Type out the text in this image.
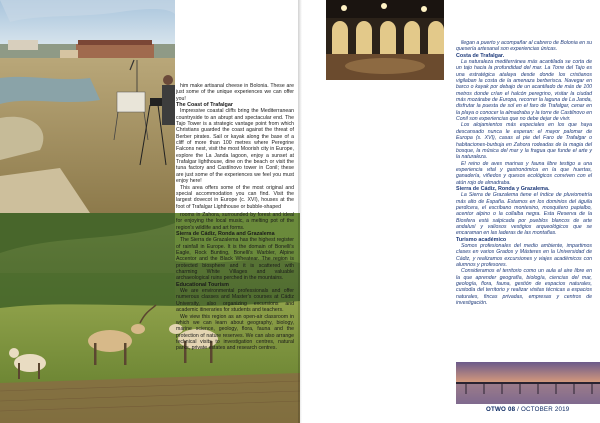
him make artisanal cheese in Bolonia. These are just some of the unique experiences we can offer you!

The Coast of Trafalgar

Impressive coastal cliffs bring the Mediterranean countryside to an abrupt and spectacular end. The Tajo Tower is a strategic vantage point from which Christians guarded the coast against the threat of Berber pirates. Sail or kayak along the base of a cliff of more than 100 metres where Peregrine Falcons nest, visit the most Moorish city in Europe, explore the La Janda lagoon, enjoy a sunset at Trafalgar lighthouse, dine on the beach or visit the tuna factory and Castilnovo tower in Conil; these are just some of the experiences we feel you must enjoy here!

This area offers some of the most original and special accommodation you can find. Visit the largest dovecot in Europe (c. XVI), houses at the foot of Trafalgar Lighthouse or bubble-shaped

rooms in Zahora, surrounded by forest and ideal for enjoying the local music, a melting pot of the region's wildlife and art forms.

Sierra de Cádiz, Ronda and Grazalema

The Sierra de Grazalema has the highest register of rainfall in Europe. It is the domain of Bonelli's Eagle, Rock Bunting, Bonelli's Warbler, Alpine Accentor and the Black Wheatear. The region is protected biosphere and it is scattered with charming White Villages and valuable archaeological ruins perched in the mountains.

Educational Tourism

We are environmental professionals and offer numerous classes and Master's courses at Cádiz University, also organizing excursions and academic itineraries for students and teachers.

We view this region as an open-air classroom in which we can learn about geography, biology, marine science, geology, flora, fauna and the protection of nature reserves. We can also arrange technical visits to investigation centres, natural parks, private estates and research centres.

llegan a puerto y acompañar al cabrero de Bolonia en su quesería artesanal son experiencias únicas.

Costa de Trafalgar.

La naturaleza mediterránea más acantilada se corta de un tajo hacia la profundidad del mar. La Torre del Tajo es una estratégica atalaya desde donde los cristianos vigilaban la costa de la amenaza berberisca. Navegar en barco o kayak por debajo de un acantilado de más de 100 metros donde crían el halcón peregrino, visitar la ciudad más mozárabe de Europa, recorrer la laguna de La Janda, disfrutar la puesta de sol en el faro de Trafalgar, cenar en la playa o conocer la almadraba y la torre de Castilnovo en Conil son experiencias que no debe dejar de vivir.

Los alojamientos más especiales en los que haya descansado nunca le esperan: el mayor palomar de Europa (s. XVI), casas al pie del Faro de Trafalgar o habitaciones-burbuja en Zahora rodeadas de la magia del bosque, la música del mar y la fragua que funde el arte y la naturaleza.

El reino de aves marinas y fauna libre testigo a una experiencia vital y gastronómica en la que huertas, ganadería, viñedos y quesos ecológicos conviven con el atún rojo de almadraba.

Sierra de Cádiz, Ronda y Grazalema.

La Sierra de Grazalema tiene el índice de pluviometría más alto de España. Estamos en los dominios del águila perdicera, el escribano montesino, mosquitero papialbo, acentor alpino o la collalba negra. Esta Reserva de la Biosfera está salpicada por pueblos blancos de arte andalusí y valiosos vestigios arqueológicos que se encaraman en las laderas de las montañas.

Turismo académico

Somos profesionales del medio ambiente, impartimos clases en varios Grados y Másteres en la Universidad de Cádiz, y realizamos excursiones y viajes académicos con alumnos y profesores.

Consideramos el territorio como un aula al aire libre en la que aprender geografía, biología, ciencias del mar, geología, flora, fauna, gestión de espacios naturales, custodia del territorio y realizar visitas técnicas a espacios naturales, fincas privadas, empresas y centros de investigación.

OTWO 08 / OCTOBER 2019
